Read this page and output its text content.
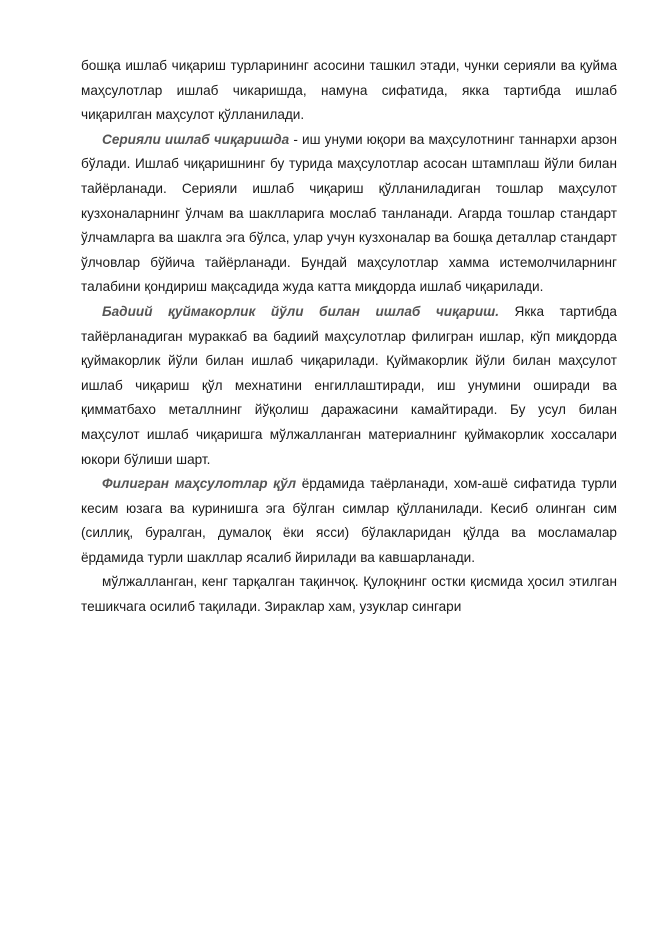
бошқа ишлаб чиқариш турларининг асосини ташкил этади, чунки серияли ва қуйма маҳсулотлар ишлаб чикаришда, намуна сифатида, якка тартибда ишлаб чиқарилган маҳсулот қўлланилади.

Серияли ишлаб чиқаришда - иш унуми юқори ва маҳсулотнинг таннархи арзон бўлади. Ишлаб чиқаришнинг бу турида маҳсулотлар асосан штамплаш йўли билан тайёрланади. Серияли ишлаб чиқариш қўлланиладиган тошлар маҳсулот кузхоналарнинг ўлчам ва шаклларига мослаб танланади. Агарда тошлар стандарт ўлчамларга ва шаклга эга бўлса, улар учун кузхоналар ва бошқа деталлар стандарт ўлчовлар бўйича тайёрланади. Бундай маҳсулотлар хамма истемолчиларнинг талабини қондириш мақсадида жуда катта миқдорда ишлаб чиқарилади.

Бадиий қуймакорлик йўли билан ишлаб чиқариш. Якка тартибда тайёрланадиган мураккаб ва бадиий маҳсулотлар филигран ишлар, кўп миқдорда қуймакорлик йўли билан ишлаб чиқарилади. Қуймакорлик йўли билан маҳсулот ишлаб чиқариш қўл мехнатини енгиллаштиради, иш унумини оширади ва қимматбахо металлнинг йўқолиш даражасини камайтиради. Бу усул билан маҳсулот ишлаб чиқаришга мўлжалланган материалнинг қуймакорлик хоссалари юкори бўлиши шарт.

Филигран маҳсулотлар қўл ёрдамида таёрланади, хом-ашё сифатида турли кесим юзага ва куринишга эга бўлган симлар қўлланилади. Кесиб олинган сим (силлиқ, буралган, думалоқ ёки ясси) бўлакларидан қўлда ва мосламалар ёрдамида турли шакллар ясалиб йирилади ва кавшарланади.

мўлжалланган, кенг тарқалган тақинчоқ. Қулоқнинг остки қисмида ҳосил этилган тешикчага осилиб тақилади. Зираклар хам, узуклар сингари
